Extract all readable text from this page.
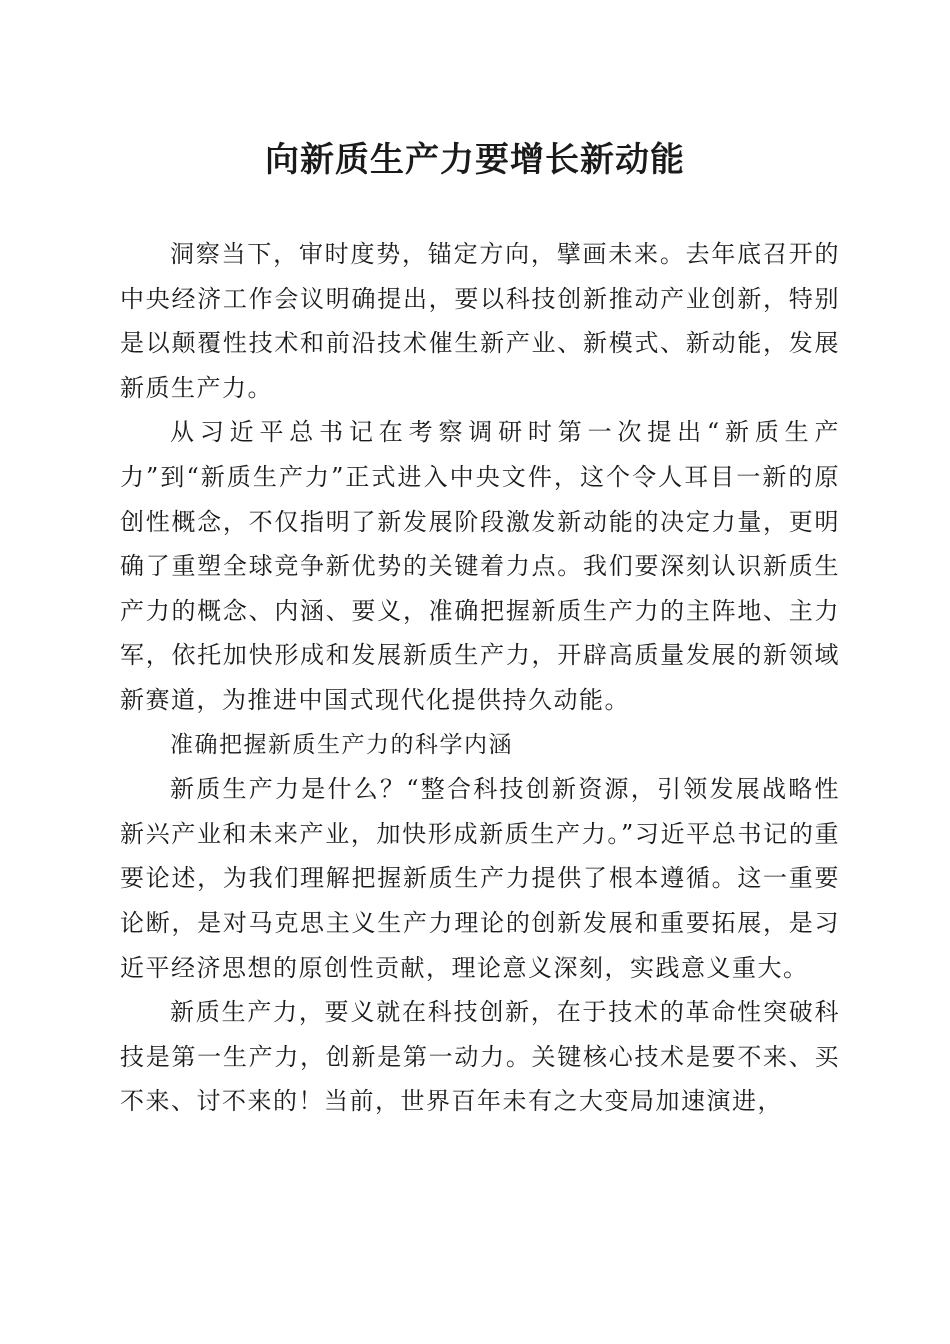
向新质生产力要增长新动能

洞察当下，审时度势，锚定方向，擘画未来。去年底召开的中央经济工作会议明确提出，要以科技创新推动产业创新，特别是以颠覆性技术和前沿技术催生新产业、新模式、新动能，发展新质生产力。

从习近平总书记在考察调研时第一次提出“新质生产力”到“新质生产力”正式进入中央文件，这个令人耳目一新的原创性概念，不仅指明了新发展阶段激发新动能的决定力量，更明确了重塑全球竞争新优势的关键着力点。我们要深刻认识新质生产力的概念、内涵、要义，准确把握新质生产力的主阵地、主力军，依托加快形成和发展新质生产力，开辟高质量发展的新领域新赛道，为推进中国式现代化提供持久动能。

准确把握新质生产力的科学内涵

新质生产力是什么？“整合科技创新资源，引领发展战略性新兴产业和未来产业，加快形成新质生产力。”习近平总书记的重要论述，为我们理解把握新质生产力提供了根本遵循。这一重要论断，是对马克思主义生产力理论的创新发展和重要拓展，是习近平经济思想的原创性贡献，理论意义深刻，实践意义重大。

新质生产力，要义就在科技创新，在于技术的革命性突破科技是第一生产力，创新是第一动力。关键核心技术是要不来、买不来、讨不来的！当前，世界百年未有之大变局加速演进，
